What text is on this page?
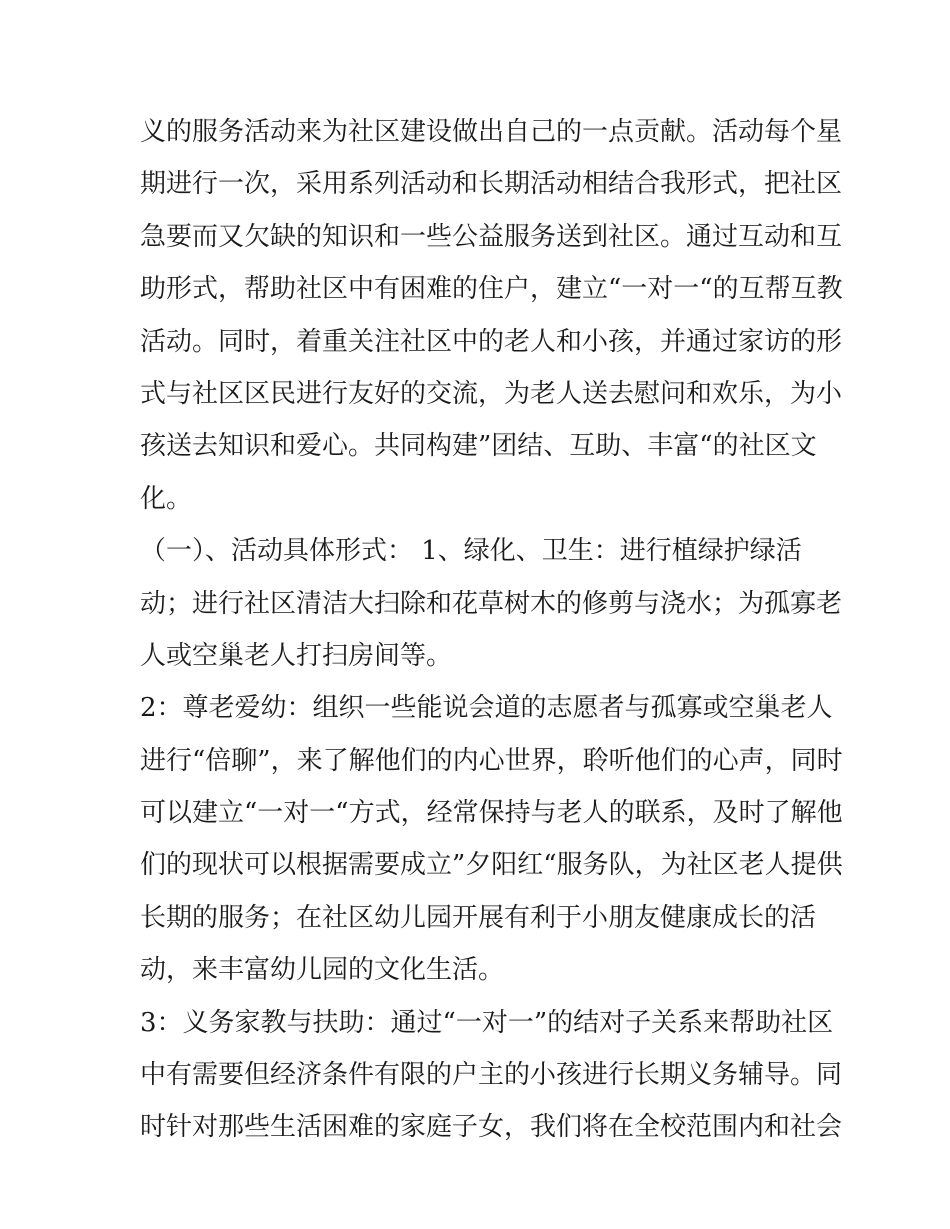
义的服务活动来为社区建设做出自己的一点贡献。活动每个星
期进行一次，采用系列活动和长期活动相结合我形式，把社区
急要而又欠缺的知识和一些公益服务送到社区。通过互动和互
助形式，帮助社区中有困难的住户，建立“一对一“的互帮互教
活动。同时，着重关注社区中的老人和小孩，并通过家访的形
式与社区区民进行友好的交流，为老人送去慰问和欢乐，为小
孩送去知识和爱心。共同构建”团结、互助、丰富“的社区文
化。
（一）、活动具体形式： 1、绿化、卫生：进行植绿护绿活
动；进行社区清洁大扫除和花草树木的修剪与浇水；为孤寡老
人或空巢老人打扫房间等。
2：尊老爱幼：组织一些能说会道的志愿者与孤寡或空巢老人
进行“倍聊”，来了解他们的内心世界，聆听他们的心声，同时
可以建立“一对一“方式，经常保持与老人的联系，及时了解他
们的现状可以根据需要成立”夕阳红“服务队，为社区老人提供
长期的服务；在社区幼儿园开展有利于小朋友健康成长的活
动，来丰富幼儿园的文化生活。
3：义务家教与扶助：通过“一对一”的结对子关系来帮助社区
中有需要但经济条件有限的户主的小孩进行长期义务辅导。同
时针对那些生活困难的家庭子女，我们将在全校范围内和社会
